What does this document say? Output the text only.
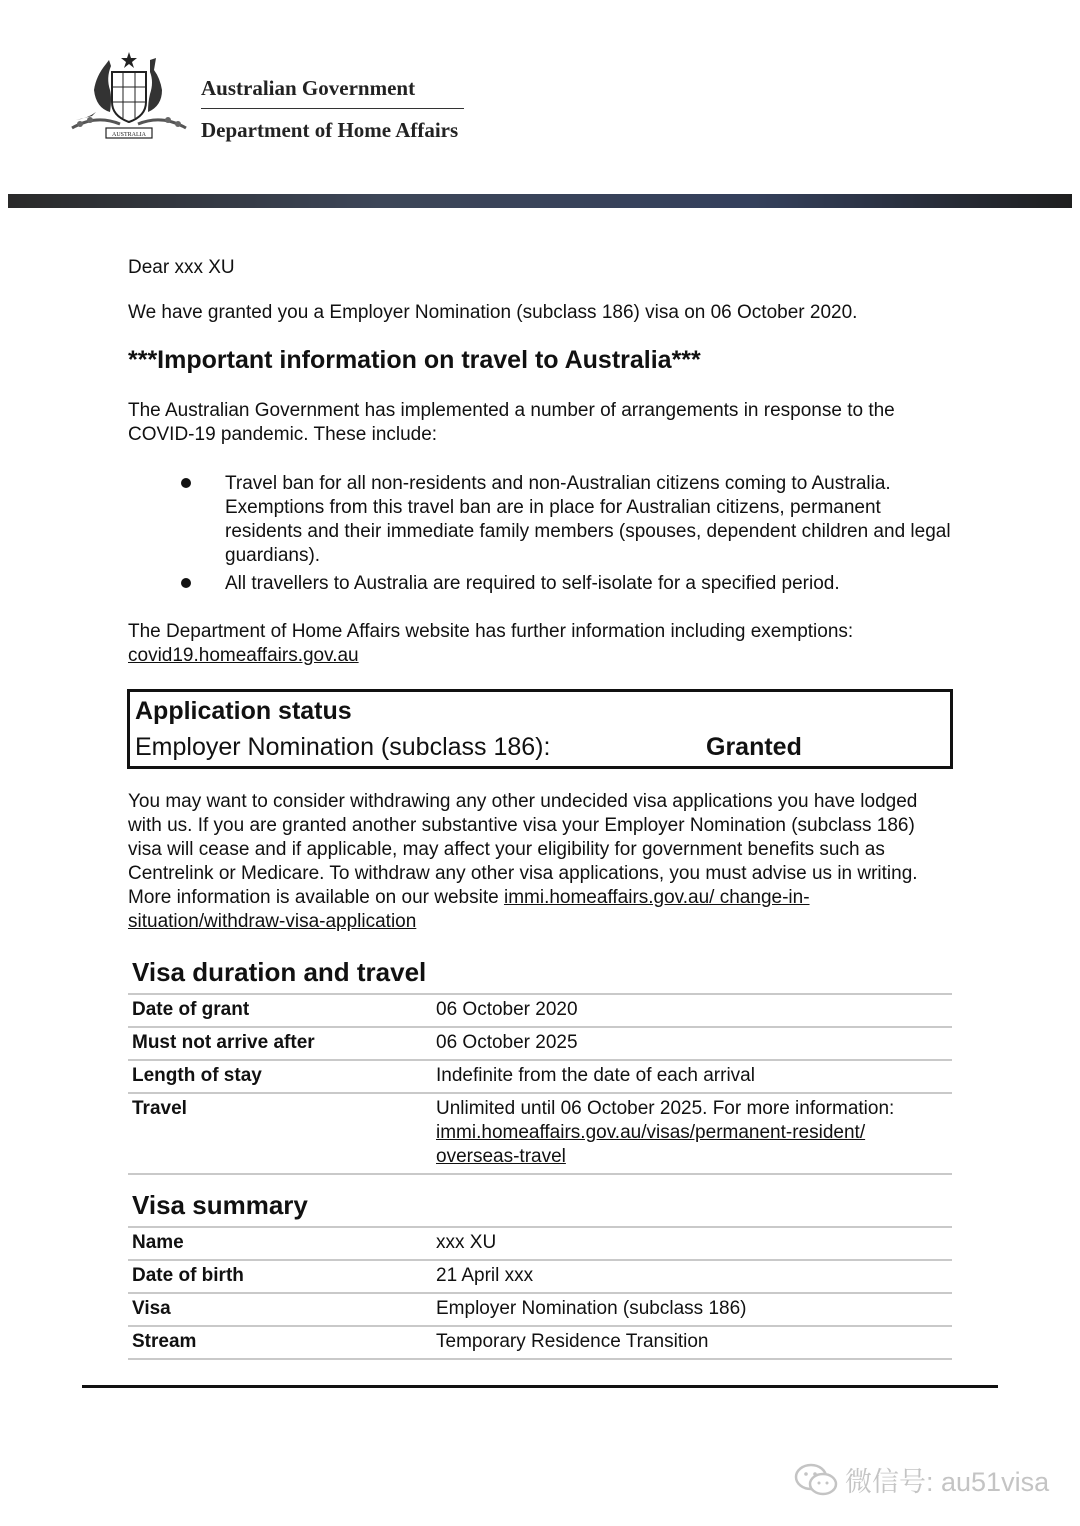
AUSTRALIA
Australian Government
Department of Home Affairs

Dear xxx XU

We have granted you a Employer Nomination (subclass 186) visa on 06 October 2020.

***Important information on travel to Australia***

The Australian Government has implemented a number of arrangements in response to the COVID-19 pandemic. These include:

Travel ban for all non-residents and non-Australian citizens coming to Australia. Exemptions from this travel ban are in place for Australian citizens, permanent residents and their immediate family members (spouses, dependent children and legal guardians).
All travellers to Australia are required to self-isolate for a specified period.

The Department of Home Affairs website has further information including exemptions:
covid19.homeaffairs.gov.au

Application status
Employer Nomination (subclass 186):	Granted

You may want to consider withdrawing any other undecided visa applications you have lodged with us. If you are granted another substantive visa your Employer Nomination (subclass 186) visa will cease and if applicable, may affect your eligibility for government benefits such as Centrelink or Medicare. To withdraw any other visa applications, you must advise us in writing. More information is available on our website immi.homeaffairs.gov.au/ change-in-situation/withdraw-visa-application

Visa duration and travel
Date of grant	06 October 2020
Must not arrive after	06 October 2025
Length of stay	Indefinite from the date of each arrival
Travel	Unlimited until 06 October 2025. For more information:
immi.homeaffairs.gov.au/visas/permanent-resident/ overseas-travel
Visa summary
Name	xxx XU
Date of birth	21 April xxx
Visa	Employer Nomination (subclass 186)
Stream	Temporary Residence Transition
微信号: au51visa
